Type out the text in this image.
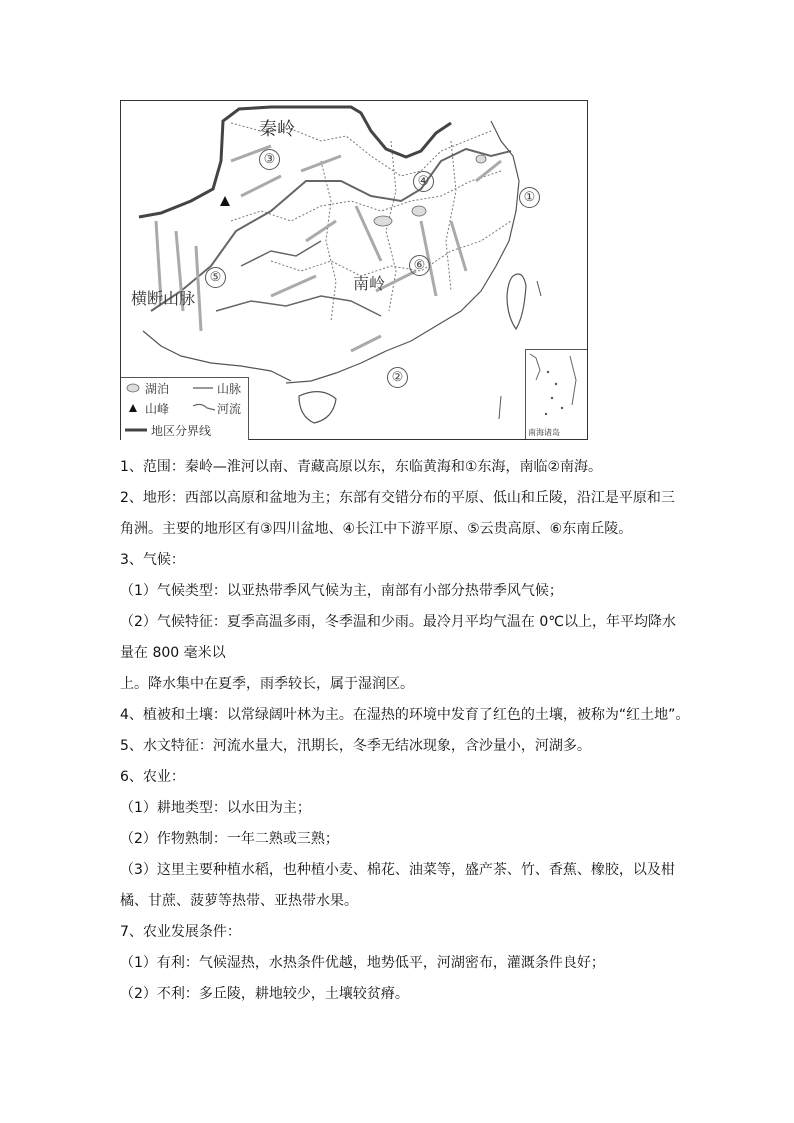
秦岭
南岭
横断山脉
①
②
③
④
⑤
⑥
湖泊	山脉
山峰	河流
地区分界线	南海诸岛

1、范围：秦岭—淮河以南、青藏高原以东，东临黄海和①东海，南临②南海。

2、地形：西部以高原和盆地为主；东部有交错分布的平原、低山和丘陵，沿江是平原和三

角洲。主要的地形区有③四川盆地、④长江中下游平原、⑤云贵高原、⑥东南丘陵。

3、气候：

（1）气候类型：以亚热带季风气候为主，南部有小部分热带季风气候；

（2）气候特征：夏季高温多雨，冬季温和少雨。最冷月平均气温在 0℃以上，年平均降水

量在 800 毫米以

上。降水集中在夏季，雨季较长，属于湿润区。

4、植被和土壤：以常绿阔叶林为主。在湿热的环境中发育了红色的土壤，被称为“红土地”。

5、水文特征：河流水量大，汛期长，冬季无结冰现象，含沙量小，河湖多。

6、农业：

（1）耕地类型：以水田为主；

（2）作物熟制：一年二熟或三熟；

（3）这里主要种植水稻，也种植小麦、棉花、油菜等，盛产茶、竹、香蕉、橡胶，以及柑

橘、甘蔗、菠萝等热带、亚热带水果。

7、农业发展条件：

（1）有利：气候湿热，水热条件优越，地势低平，河湖密布，灌溉条件良好；

（2）不利：多丘陵，耕地较少，土壤较贫瘠。
